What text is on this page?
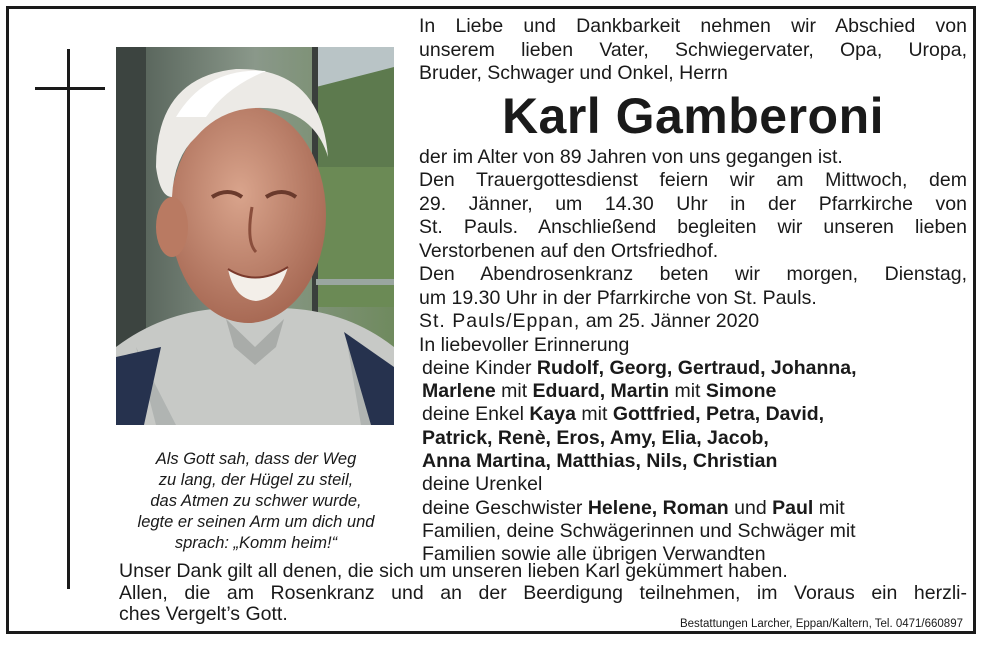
Als Gott sah, dass der Weg
zu lang, der Hügel zu steil,
das Atmen zu schwer wurde,
legte er seinen Arm um dich und
sprach: „Komm heim!“
In Liebe und Dankbarkeit nehmen wir Abschied von
unserem lieben Vater, Schwiegervater, Opa, Uropa,
Bruder, Schwager und Onkel, Herrn
Karl Gamberoni
der im Alter von 89 Jahren von uns gegangen ist.
Den Trauergottesdienst feiern wir am Mittwoch, dem
29. Jänner, um 14.30 Uhr in der Pfarrkirche von
St. Pauls. Anschließend begleiten wir unseren lieben
Verstorbenen auf den Ortsfriedhof.
Den Abendrosenkranz beten wir morgen, Dienstag,
um 19.30 Uhr in der Pfarrkirche von St. Pauls.
St. Pauls/Eppan, am 25. Jänner 2020
In liebevoller Erinnerung
deine Kinder Rudolf, Georg, Gertraud, Johanna,
Marlene mit Eduard, Martin mit Simone
deine Enkel Kaya mit Gottfried, Petra, David,
Patrick, Renè, Eros, Amy, Elia, Jacob,
Anna Martina, Matthias, Nils, Christian
deine Urenkel
deine Geschwister Helene, Roman und Paul mit
Familien, deine Schwägerinnen und Schwäger mit
Familien sowie alle übrigen Verwandten
Unser Dank gilt all denen, die sich um unseren lieben Karl gekümmert haben.
Allen, die am Rosenkranz und an der Beerdigung teilnehmen, im Voraus ein herzli-
ches Vergelt’s Gott.	Bestattungen Larcher, Eppan/Kaltern, Tel. 0471/660897
